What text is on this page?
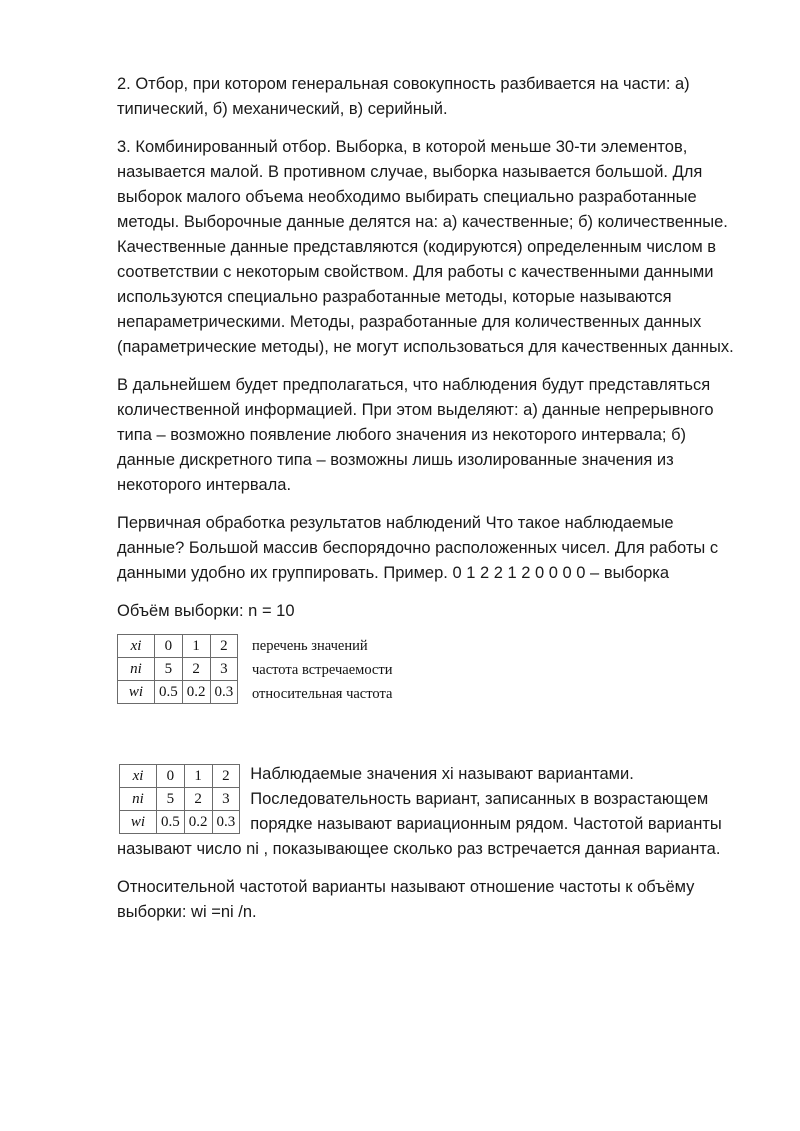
2. Отбор, при котором генеральная совокупность разбивается на части: а) типический, б) механический, в) серийный.

3. Комбинированный отбор. Выборка, в которой меньше 30-ти элементов, называется малой. В противном случае, выборка называется большой. Для выборок малого объема необходимо выбирать специально разработанные методы. Выборочные данные делятся на: а) качественные; б) количественные. Качественные данные представляются (кодируются) определенным числом в соответствии с некоторым свойством. Для работы с качественными данными используются специально разработанные методы, которые называются непараметрическими. Методы, разработанные для количественных данных (параметрические методы), не могут использоваться для качественных данных.

В дальнейшем будет предполагаться, что наблюдения будут представляться количественной информацией. При этом выделяют: а) данные непрерывного типа – возможно появление любого значения из некоторого интервала; б) данные дискретного типа – возможны лишь изолированные значения из некоторого интервала.

Первичная обработка результатов наблюдений Что такое наблюдаемые данные? Большой массив беспорядочно расположенных чисел. Для работы с данными удобно их группировать. Пример. 0 1 2 2 1 2 0 0 0 0 – выборка

Объём выборки: n = 10

xi	0	1	2
ni	5	2	3
wi	0.5	0.2	0.3
перечень значений
частота встречаемости
относительная частота
xi	0	1	2
ni	5	2	3
wi	0.5	0.2	0.3

Наблюдаемые значения xi называют вариантами. Последовательность вариант, записанных в возрастающем порядке называют вариационным рядом. Частотой варианты называют число ni , показывающее сколько раз встречается данная варианта.

Относительной частотой варианты называют отношение частоты к объёму выборки: wi =ni /n.
